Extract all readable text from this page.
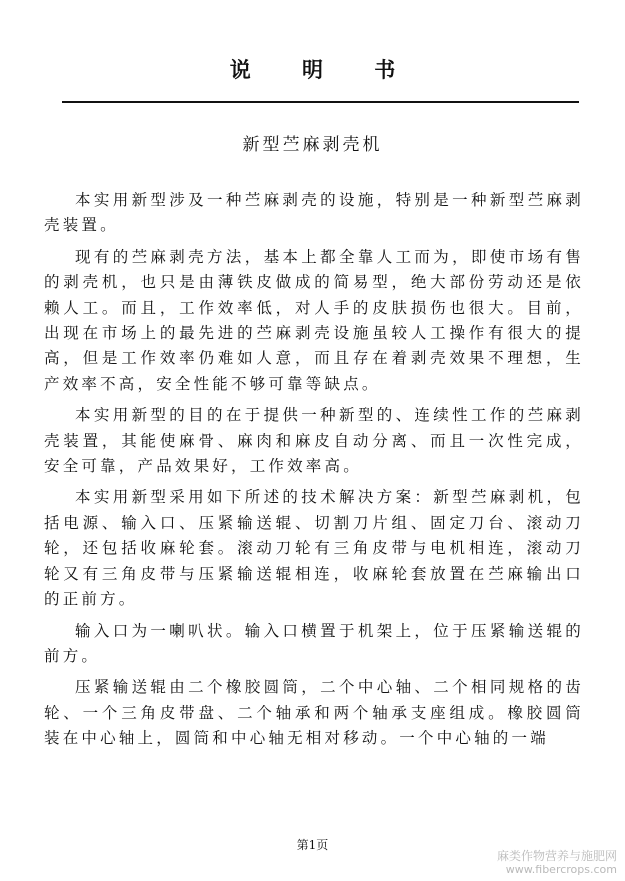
说 明 书
新型苎麻剥壳机

本实用新型涉及一种苎麻剥壳的设施，特别是一种新型苎麻剥壳装置。

现有的苎麻剥壳方法，基本上都全靠人工而为，即使市场有售的剥壳机，也只是由薄铁皮做成的简易型，绝大部份劳动还是依赖人工。而且，工作效率低，对人手的皮肤损伤也很大。目前，出现在市场上的最先进的苎麻剥壳设施虽较人工操作有很大的提高，但是工作效率仍难如人意，而且存在着剥壳效果不理想，生产效率不高，安全性能不够可靠等缺点。

本实用新型的目的在于提供一种新型的、连续性工作的苎麻剥壳装置，其能使麻骨、麻肉和麻皮自动分离、而且一次性完成，安全可靠，产品效果好，工作效率高。

本实用新型采用如下所述的技术解决方案：新型苎麻剥机，包括电源、输入口、压紧输送辊、切割刀片组、固定刀台、滚动刀轮，还包括收麻轮套。滚动刀轮有三角皮带与电机相连，滚动刀轮又有三角皮带与压紧输送辊相连，收麻轮套放置在苎麻输出口的正前方。

输入口为一喇叭状。输入口横置于机架上，位于压紧输送辊的前方。

压紧输送辊由二个橡胶圆筒，二个中心轴、二个相同规格的齿轮、一个三角皮带盘、二个轴承和两个轴承支座组成。橡胶圆筒装在中心轴上，圆筒和中心轴无相对移动。一个中心轴的一端

第1页
麻类作物营养与施肥网
www.fibercrops.com
